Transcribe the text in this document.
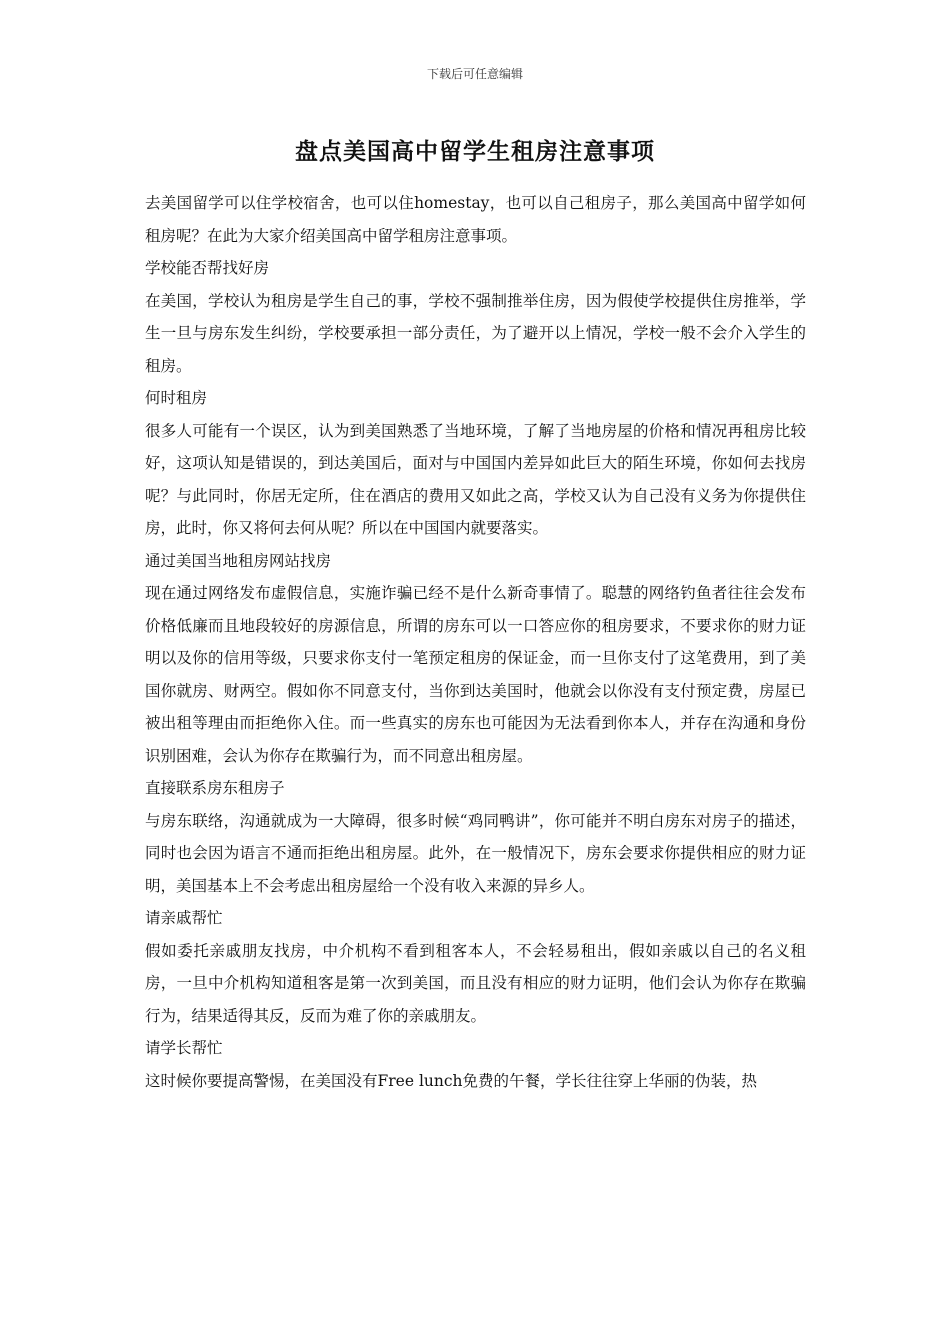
下载后可任意编辑
盘点美国高中留学生租房注意事项

去美国留学可以住学校宿舍，也可以住homestay，也可以自己租房子，那么美国高中留学如何租房呢？在此为大家介绍美国高中留学租房注意事项。

学校能否帮找好房

在美国，学校认为租房是学生自己的事，学校不强制推举住房，因为假使学校提供住房推举，学生一旦与房东发生纠纷，学校要承担一部分责任，为了避开以上情况，学校一般不会介入学生的租房。

何时租房

很多人可能有一个误区，认为到美国熟悉了当地环境，了解了当地房屋的价格和情况再租房比较好，这项认知是错误的，到达美国后，面对与中国国内差异如此巨大的陌生环境，你如何去找房呢？与此同时，你居无定所，住在酒店的费用又如此之高，学校又认为自己没有义务为你提供住房，此时，你又将何去何从呢？所以在中国国内就要落实。

通过美国当地租房网站找房

现在通过网络发布虚假信息，实施诈骗已经不是什么新奇事情了。聪慧的网络钓鱼者往往会发布价格低廉而且地段较好的房源信息，所谓的房东可以一口答应你的租房要求，不要求你的财力证明以及你的信用等级，只要求你支付一笔预定租房的保证金，而一旦你支付了这笔费用，到了美国你就房、财两空。假如你不同意支付，当你到达美国时，他就会以你没有支付预定费，房屋已被出租等理由而拒绝你入住。而一些真实的房东也可能因为无法看到你本人，并存在沟通和身份识别困难，会认为你存在欺骗行为，而不同意出租房屋。

直接联系房东租房子

与房东联络，沟通就成为一大障碍，很多时候“鸡同鸭讲”，你可能并不明白房东对房子的描述，同时也会因为语言不通而拒绝出租房屋。此外，在一般情况下，房东会要求你提供相应的财力证明，美国基本上不会考虑出租房屋给一个没有收入来源的异乡人。

请亲戚帮忙

假如委托亲戚朋友找房，中介机构不看到租客本人，不会轻易租出，假如亲戚以自己的名义租房，一旦中介机构知道租客是第一次到美国，而且没有相应的财力证明，他们会认为你存在欺骗行为，结果适得其反，反而为难了你的亲戚朋友。

请学长帮忙

这时候你要提高警惕，在美国没有Free lunch免费的午餐，学长往往穿上华丽的伪装，热
